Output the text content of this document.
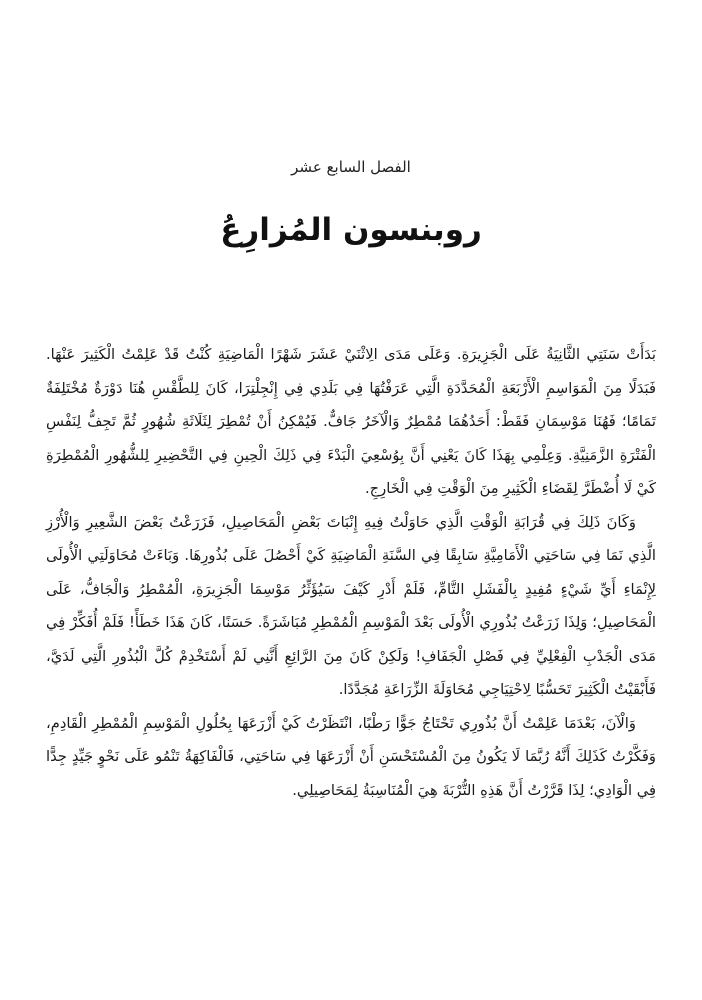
الفصل السابع عشر
روبنسون المُزارِعُ

بَدَأَتْ سَنَتِي الثَّانِيَةُ عَلَى الْجَزِيرَةِ. وَعَلَى مَدَى الِاثْنَيْ عَشَرَ شَهْرًا الْمَاضِيَةِ كُنْتُ قَدْ عَلِمْتُ الْكَثِيرَ عَنْهَا. فَبَدَلًا مِنَ الْمَوَاسِمِ الْأَرْبَعَةِ الْمُحَدَّدَةِ الَّتِي عَرَفْتُهَا فِي بَلَدِي فِي إِنْجِلْتِرَا، كَانَ لِلطَّقْسِ هُنَا دَوْرَةٌ مُخْتَلِفَةٌ تَمَامًا؛ فَهُنَا مَوْسِمَانِ فَقَطْ: أَحَدُهُمَا مُمْطِرٌ وَالْآخَرُ جَافٌّ. فَيُمْكِنُ أَنْ تُمْطِرَ لِثَلَاثَةِ شُهُورٍ ثُمَّ تَجِفُّ لِنَفْسِ الْفَتْرَةِ الزَّمَنِيَّةِ. وَعِلْمِي بِهَذَا كَانَ يَعْنِي أَنَّ بِوُسْعِيَ الْبَدْءَ فِي ذَلِكَ الْحِينِ فِي التَّحْضِيرِ لِلشُّهُورِ الْمُمْطِرَةِ كَيْ لَا أُضْطَرَّ لِقَضَاءِ الْكَثِيرِ مِنَ الْوَقْتِ فِي الْخَارِجِ.

وَكَانَ ذَلِكَ فِي قُرَابَةِ الْوَقْتِ الَّذِي حَاوَلْتُ فِيهِ إِنْبَاتَ بَعْضِ الْمَحَاصِيلِ، فَزَرَعْتُ بَعْضَ الشَّعِيرِ وَالْأُرْزِ الَّذِي نَمَا فِي سَاحَتِي الْأَمَامِيَّةِ سَابِقًا فِي السَّنَةِ الْمَاضِيَةِ كَيْ أَحْصُلَ عَلَى بُذُورِهَا. وَبَاءَتْ مُحَاوَلَتِي الْأُولَى لِإِنْمَاءِ أَيِّ شَيْءٍ مُفِيدٍ بِالْفَشَلِ التَّامِّ، فَلَمْ أَدْرِ كَيْفَ سَيُؤَثِّرُ مَوْسِمَا الْجَزِيرَةِ، الْمُمْطِرُ وَالْجَافُّ، عَلَى الْمَحَاصِيلِ؛ وَلِذَا زَرَعْتُ بُذُورِي الْأُولَى بَعْدَ الْمَوْسِمِ الْمُمْطِرِ مُبَاشَرَةً. حَسَنًا، كَانَ هَذَا خَطَأً! فَلَمْ أُفَكِّرْ فِي مَدَى الْجَدْبِ الْفِعْلِيِّ فِي فَصْلِ الْجَفَافِ! وَلَكِنْ كَانَ مِنَ الرَّائِعِ أَنَّنِي لَمْ أَسْتَخْدِمْ كُلَّ الْبُذُورِ الَّتِي لَدَيَّ، فَأَبْقَيْتُ الْكَثِيرَ تَحَسُّبًا لِاحْتِيَاجِي مُحَاوَلَةَ الزِّرَاعَةِ مُجَدَّدًا.

وَالْآنَ، بَعْدَمَا عَلِمْتُ أَنَّ بُذُورِي تَحْتَاجُ جَوًّا رَطْبًا، انْتَظَرْتُ كَيْ أَزْرَعَهَا بِحُلُولِ الْمَوْسِمِ الْمُمْطِرِ الْقَادِمِ، وَفَكَّرْتُ كَذَلِكَ أَنَّهُ رُبَّمَا لَا يَكُونُ مِنَ الْمُسْتَحْسَنِ أَنْ أَزْرَعَهَا فِي سَاحَتِي، فَالْفَاكِهَةُ تَنْمُو عَلَى نَحْوٍ جَيِّدٍ جِدًّا فِي الْوَادِي؛ لِذَا قَرَّرْتُ أَنَّ هَذِهِ التُّرْبَةَ هِيَ الْمُنَاسِبَةُ لِمَحَاصِيلِي.
